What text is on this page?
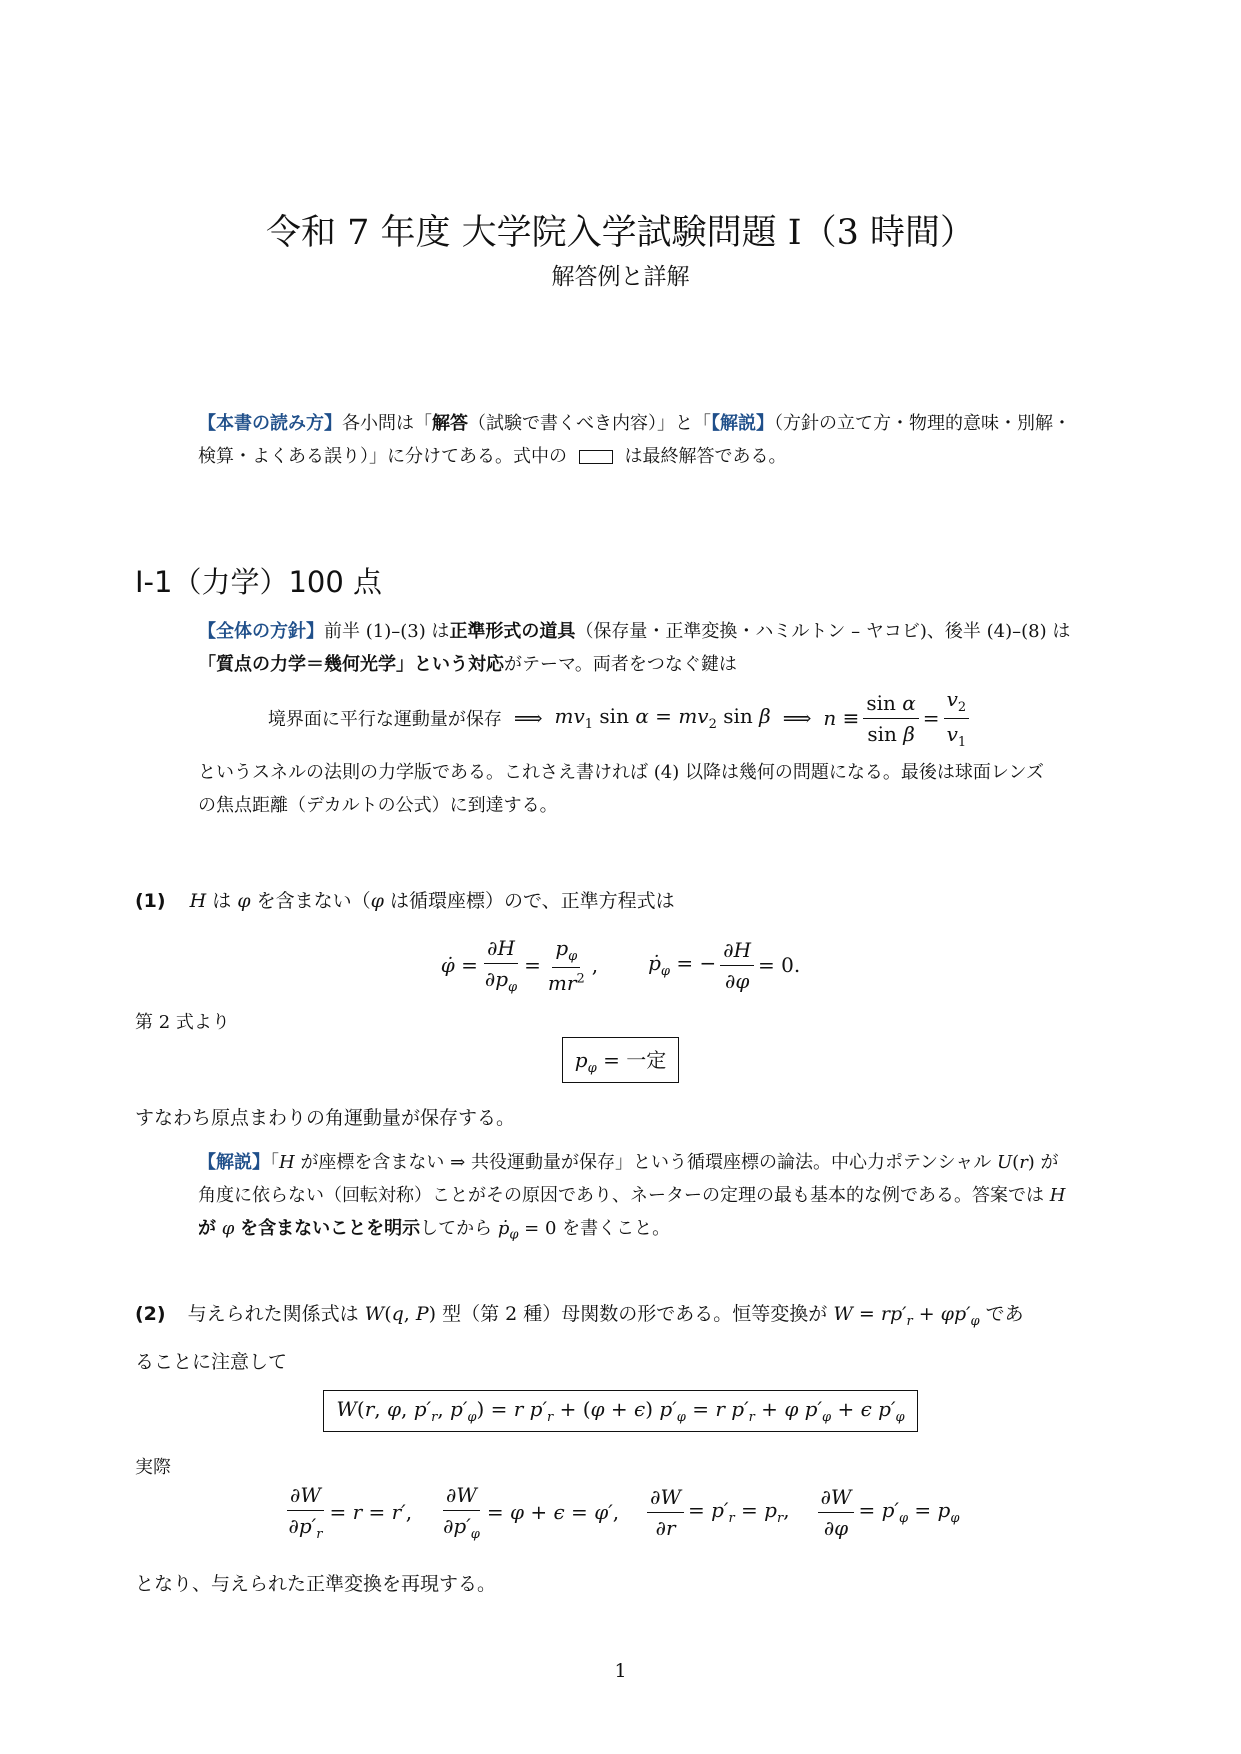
令和 7 年度 大学院入学試験問題 I（3 時間）
解答例と詳解
【本書の読み方】各小問は「解答（試験で書くべき内容）」と「【解説】（方針の立て方・物理的意味・別解・
検算・よくある誤り）」に分けてある。式中の	は最終解答である。
I-1（力学）100 点
【全体の方針】前半 (1)–(3) は正準形式の道具（保存量・正準変換・ハミルトン – ヤコビ)、後半 (4)–(8) は
「質点の力学＝幾何光学」という対応がテーマ。両者をつなぐ鍵は
境界面に平行な運動量が保存 ⟹ $mv_1$ $\sin \alpha = mv_2$ sin β ⟹ $n \equiv \frac{\text{sin α}}{\text{sin β}} = \frac{v_2}{v_1}$
というスネルの法則の力学版である。これさえ書ければ (4) 以降は幾何の問題になる。最後は球面レンズ
の焦点距離（デカルトの公式）に到達する。
(1) H は φ を含まない（φ は循環座標）ので、正準方程式は
φ̇ = $\frac{\partial H}{\partial p_\varphi} = \frac{p_\varphi}{mr^2}$ ,	ṗ$_\varphi$ = − $\frac{\partial H}{\partial\varphi} = 0$.
第 2 式より
$p_\varphi$ = 一定
すなわち原点まわりの角運動量が保存する。
【解説】「H が座標を含まない ⇒ 共役運動量が保存」という循環座標の論法。中心力ポテンシャル U(r) が
角度に依らない（回転対称）ことがその原因であり、ネーターの定理の最も基本的な例である。答案では H
が φ を含まないことを明示してから ṗ$_\varphi$ = 0 を書くこと。
(2) 与えられた関係式は W(q, P) 型（第 2 種）母関数の形である。恒等変換が $W = rp'_r + \varphi p'_\varphi$ であ
ることに注意して
W(r, φ, $p'_r$, $p'_\varphi) = r$ $p'_r + (\varphi + \epsilon) p'_\varphi = r$ $p'_r + \varphi$ $p'_\varphi + \epsilon$ $p'_\varphi$
実際
$\frac{\partial W}{\partial p'_r} = r = r'$, $\frac{\partial W}{\partial p'_\varphi} = \varphi + \epsilon = \varphi'$, $\frac{\partial W}{\partial r} = p'_r = p_r$, $\frac{\partial W}{\partial\varphi} = p'_\varphi = p_\varphi$
となり、与えられた正準変換を再現する。
1
